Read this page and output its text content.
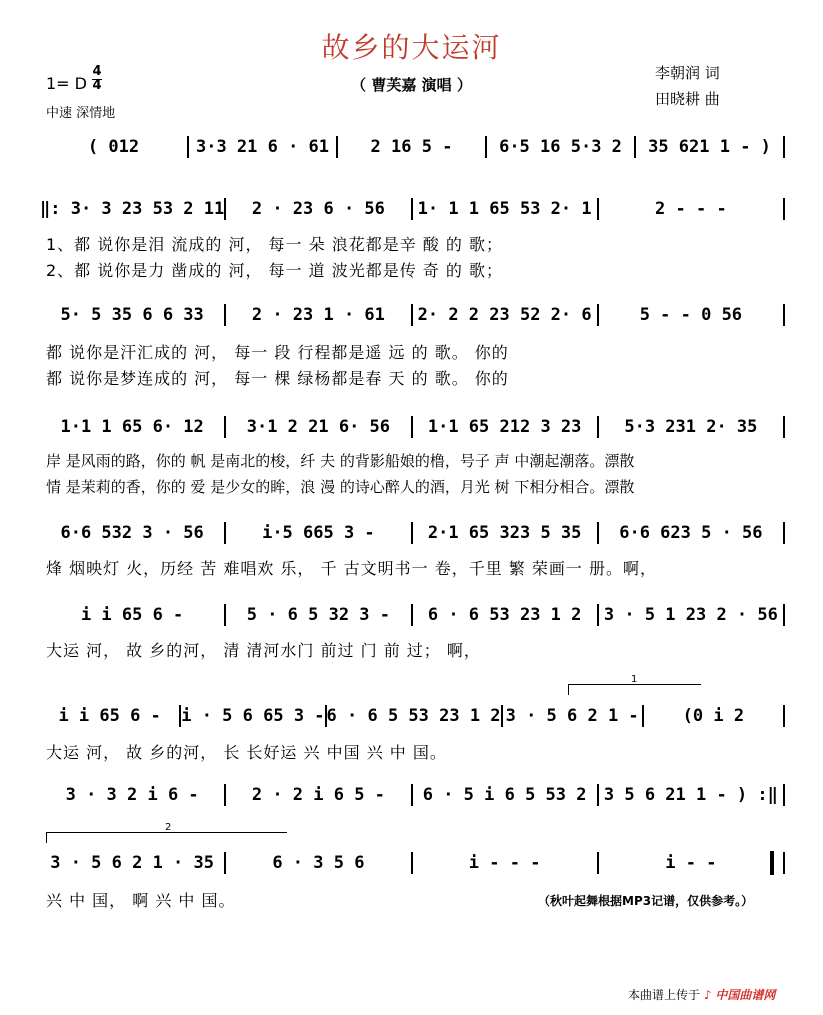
故乡的大运河
（ 曹芙嘉 演唱 ）
李朝润 词
田晓耕 曲
1= D
4
4
中速 深情地
( 012	3·3 21 6 · 61	2 16 5 -	6·5 16 5·3 2	35 621 1 - )
‖: 3· 3 23 53 2 11	2 · 23 6 · 56	1· 1 1 65 53 2· 1	2 - - -
1、都 说你是泪 流成的 河， 每一 朵 浪花都是辛 酸 的 歌；
2、都 说你是力 凿成的 河， 每一 道 波光都是传 奇 的 歌；
5· 5 35 6 6 33	2 · 23 1 · 61	2· 2 2 23 52 2· 6	5 - - 0 56
都 说你是汗汇成的 河， 每一 段 行程都是遥 远 的 歌。 你的
都 说你是梦连成的 河， 每一 棵 绿杨都是春 天 的 歌。 你的
1·1 1 65 6· 12	3·1 2 21 6· 56	1·1 65 212 3 23	5·3 231 2· 35
岸 是风雨的路，你的 帆 是南北的梭，纤 夫 的背影船娘的橹，号子 声 中潮起潮落。漂散
情 是茉莉的香，你的 爱 是少女的眸，浪 漫 的诗心醉人的酒，月光 树 下相分相合。漂散
6·6 532 3 · 56	i·5 665 3 -	2·1 65 323 5 35	6·6 623 5 · 56
烽 烟映灯 火，历经 苦 难唱欢 乐， 千 古文明书一 卷，千里 繁 荣画一 册。啊，
i i 65 6 -	5 · 6 5 32 3 -	6 · 6 53 23 1 2	3 · 5 1 23 2 · 56
大运 河， 故 乡的河， 清 清河水门 前过 门 前 过； 啊，
1
i i 65 6 -	i · 5 6 65 3 - 6 · 6 5 53 23 1 2 3 · 5 6 2 1 -	(0 i 2
大运 河， 故 乡的河， 长 长好运 兴 中国 兴 中 国。
3 · 3 2 i 6 -	2 · 2 i 6 5 -	6 · 5 i 6 5 53 2	3 5 6 21 1 - ) :‖
2
3 · 5 6 2 1 · 35	6 · 3 5 6	i - - -	i - -
兴 中 国， 啊 兴 中 国。	（秋叶起舞根据MP3记谱，仅供参考。）
本曲谱上传于 ♪ 中国曲谱网
